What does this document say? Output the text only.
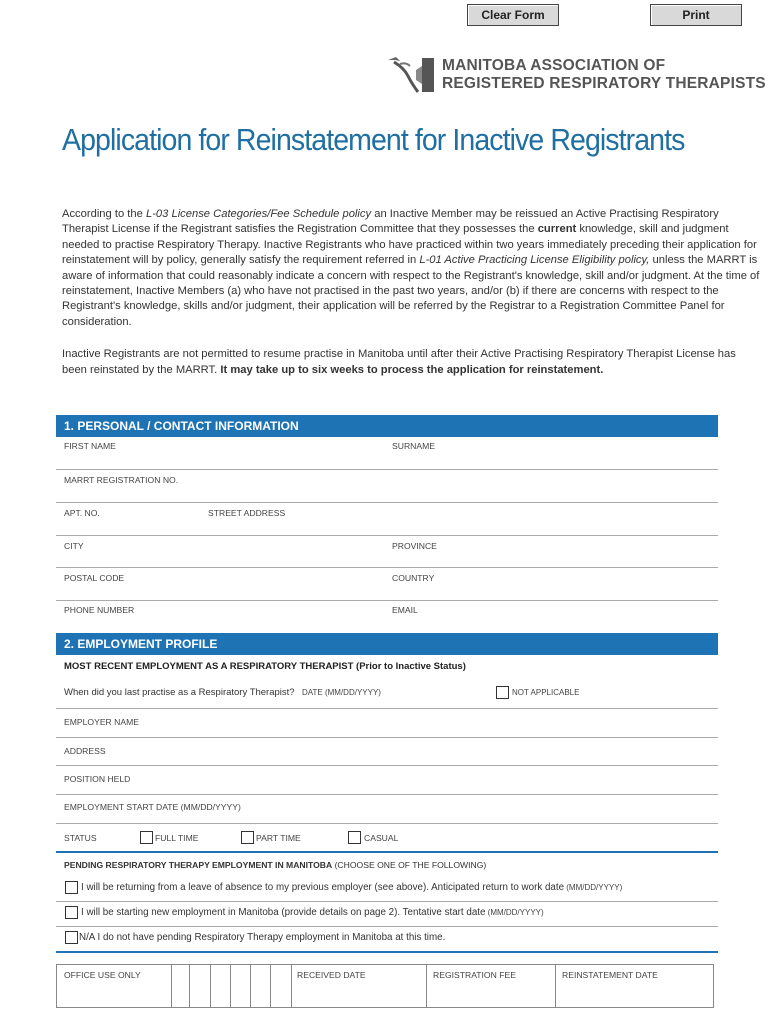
Clear Form	Print
MANITOBA ASSOCIATION OF
REGISTERED RESPIRATORY THERAPISTS
Application for Reinstatement for Inactive Registrants

According to the L-03 License Categories/Fee Schedule policy an Inactive Member may be reissued an Active Practising Respiratory Therapist License if the Registrant satisfies the Registration Committee that they possesses the current knowledge, skill and judgment needed to practise Respiratory Therapy. Inactive Registrants who have practiced within two years immediately preceding their application for reinstatement will by policy, generally satisfy the requirement referred in L-01 Active Practicing License Eligibility policy, unless the MARRT is aware of information that could reasonably indicate a concern with respect to the Registrant's knowledge, skill and/or judgment. At the time of reinstatement, Inactive Members (a) who have not practised in the past two years, and/or (b) if there are concerns with respect to the Registrant's knowledge, skills and/or judgment, their application will be referred by the Registrar to a Registration Committee Panel for consideration.

Inactive Registrants are not permitted to resume practise in Manitoba until after their Active Practising Respiratory Therapist License has been reinstated by the MARRT. It may take up to six weeks to process the application for reinstatement.

1. PERSONAL / CONTACT INFORMATION
FIRST NAME	SURNAME
MARRT REGISTRATION NO.
APT. NO.	STREET ADDRESS
CITY	PROVINCE
POSTAL CODE	COUNTRY
PHONE NUMBER	EMAIL
2. EMPLOYMENT PROFILE
MOST RECENT EMPLOYMENT AS A RESPIRATORY THERAPIST (Prior to Inactive Status)
When did you last practise as a Respiratory Therapist? DATE (MM/DD/YYYY)	NOT APPLICABLE
EMPLOYER NAME
ADDRESS
POSITION HELD
EMPLOYMENT START DATE (MM/DD/YYYY)
STATUS	FULL TIME	PART TIME	CASUAL
PENDING RESPIRATORY THERAPY EMPLOYMENT IN MANITOBA (CHOOSE ONE OF THE FOLLOWING)
I will be returning from a leave of absence to my previous employer (see above). Anticipated return to work date (MM/DD/YYYY)
I will be starting new employment in Manitoba (provide details on page 2). Tentative start date (MM/DD/YYYY)
N/A I do not have pending Respiratory Therapy employment in Manitoba at this time.
OFFICE USE ONLY	RECEIVED DATE	REGISTRATION FEE	REINSTATEMENT DATE
